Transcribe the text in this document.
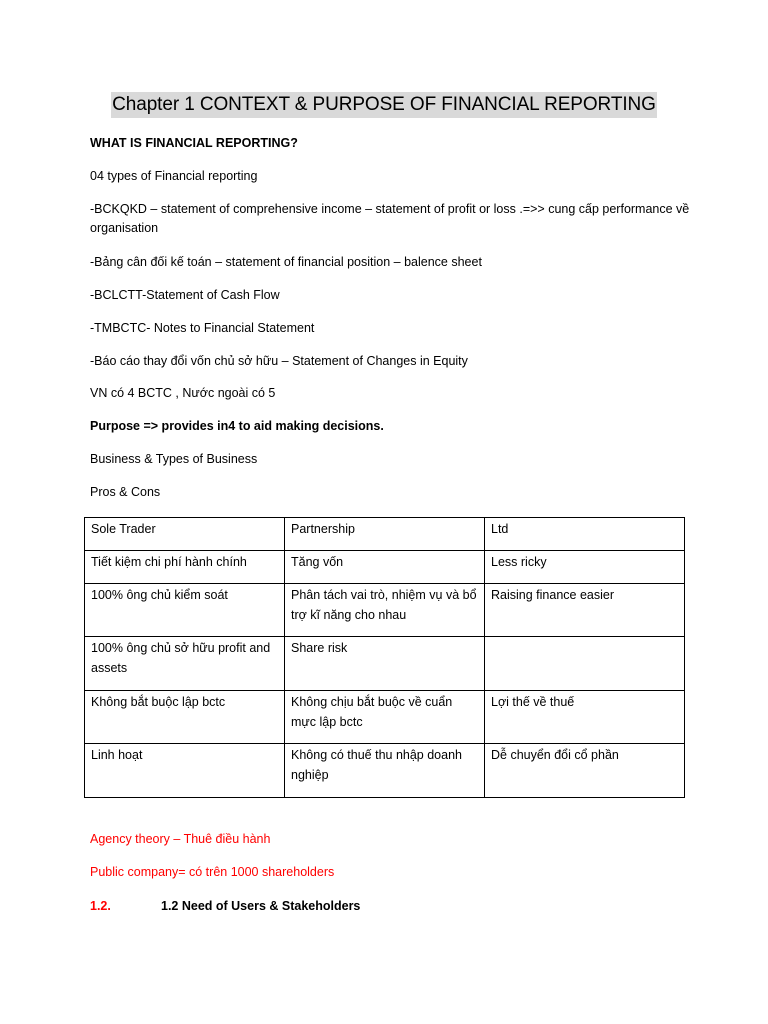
Chapter 1 CONTEXT & PURPOSE OF FINANCIAL REPORTING
WHAT IS FINANCIAL REPORTING?
04 types of Financial reporting
-BCKQKD – statement of comprehensive income – statement of profit or loss .=>> cung cấp performance về organisation
-Bảng cân đối kế toán – statement of financial position – balence sheet
-BCLCTT-Statement of Cash Flow
-TMBCTC- Notes to Financial Statement
-Báo cáo thay đổi vốn chủ sở hữu – Statement of Changes in Equity
VN có 4 BCTC , Nước ngoài có 5
Purpose => provides in4 to aid making decisions.
Business & Types of Business
Pros & Cons
Sole Trader	Partnership	Ltd
Tiết kiệm chi phí hành chính	Tăng vốn	Less ricky
100% ông chủ kiểm soát	Phân tách vai trò, nhiệm vụ và bổ trợ kĩ năng cho nhau	Raising finance easier
100% ông chủ sở hữu profit and assets	Share risk	
Không bắt buộc lập bctc	Không chịu bắt buộc về cuẩn mực lập bctc	Lợi thế về thuế
Linh hoạt	Không có thuế thu nhập doanh nghiệp	Dễ chuyển đổi cổ phần
Agency theory – Thuê điều hành
Public company= có trên 1000 shareholders
1.2.	1.2 Need of Users & Stakeholders
